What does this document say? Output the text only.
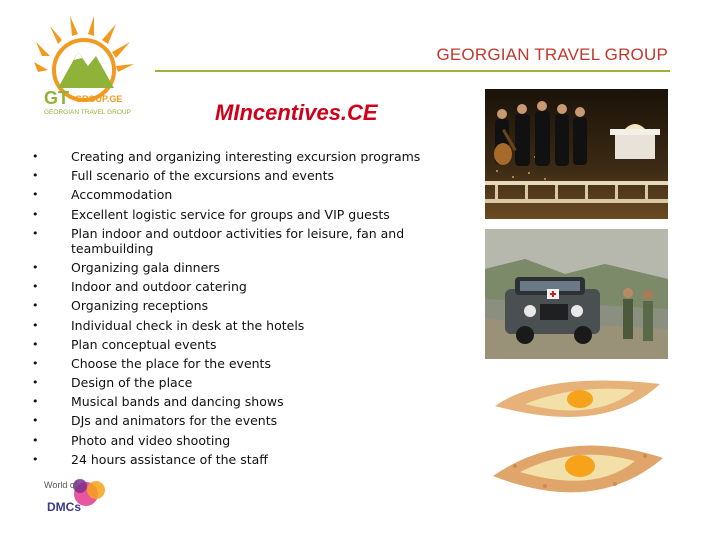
GT -GROUP.GE
GEORGIAN TRAVEL GROUP
GEORGIAN TRAVEL GROUP
MIncentives.CE
• Creating and organizing interesting excursion programs
• Full scenario of the excursions and events
• Accommodation
• Excellent logistic service for groups and VIP guests
• Plan indoor and outdoor activities for leisure, fan and teambuilding
• Organizing gala dinners
• Indoor and outdoor catering
• Organizing receptions
• Individual check in desk at the hotels
• Plan conceptual events
• Choose the place for the events
• Design of the place
• Musical bands and dancing shows
• DJs and animators for the events
• Photo and video shooting
• 24 hours assistance of the staff
World of
DMCs
